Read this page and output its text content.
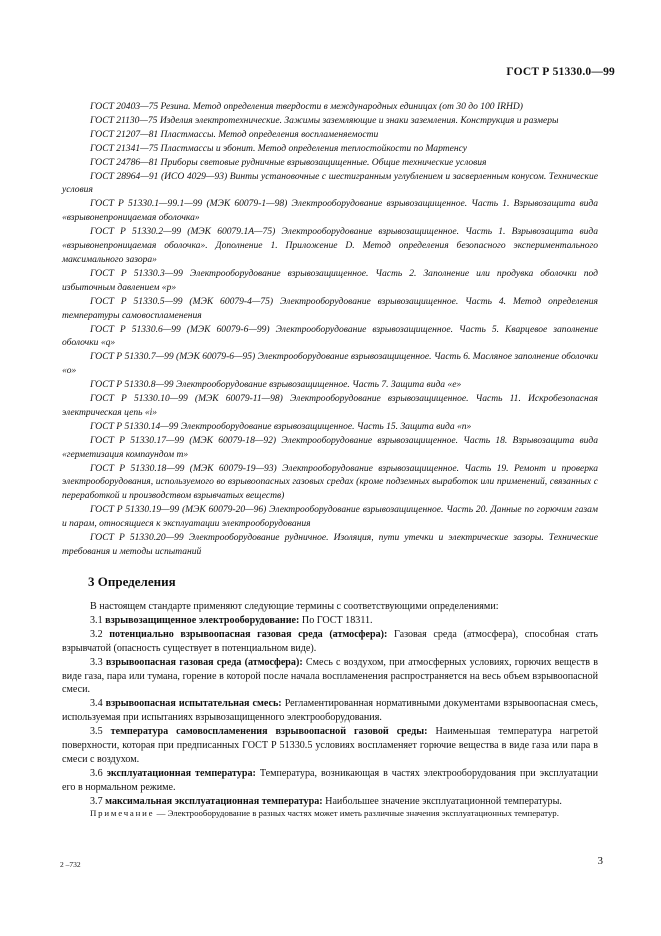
ГОСТ Р 51330.0—99

ГОСТ 20403—75 Резина. Метод определения твердости в международных единицах (от 30 до 100 IRHD)

ГОСТ 21130—75 Изделия электротехнические. Зажимы заземляющие и знаки заземления. Конструкция и размеры

ГОСТ 21207—81 Пластмассы. Метод определения воспламеняемости

ГОСТ 21341—75 Пластмассы и эбонит. Метод определения теплостойкости по Мартенсу

ГОСТ 24786—81 Приборы световые рудничные взрывозащищенные. Общие технические условия

ГОСТ 28964—91 (ИСО 4029—93) Винты установочные с шестигранным углублением и засверленным конусом. Технические условия

ГОСТ Р 51330.1—99.1—99 (МЭК 60079-1—98) Электрооборудование взрывозащищенное. Часть 1. Взрывозащита вида «взрывонепроницаемая оболочка»

ГОСТ Р 51330.2—99 (МЭК 60079.1А—75) Электрооборудование взрывозащищенное. Часть 1. Взрывозащита вида «взрывонепроницаемая оболочка». Дополнение 1. Приложение D. Метод определения безопасного экспериментального максимального зазора»

ГОСТ Р 51330.3—99 Электрооборудование взрывозащищенное. Часть 2. Заполнение или продувка оболочки под избыточным давлением «р»

ГОСТ Р 51330.5—99 (МЭК 60079-4—75) Электрооборудование взрывозащищенное. Часть 4. Метод определения температуры самовоспламенения

ГОСТ Р 51330.6—99 (МЭК 60079-6—99) Электрооборудование взрывозащищенное. Часть 5. Кварцевое заполнение оболочки «q»

ГОСТ Р 51330.7—99 (МЭК 60079-6—95) Электрооборудование взрывозащищенное. Часть 6. Масляное заполнение оболочки «о»

ГОСТ Р 51330.8—99 Электрооборудование взрывозащищенное. Часть 7. Защита вида «е»

ГОСТ Р 51330.10—99 (МЭК 60079-11—98) Электрооборудование взрывозащищенное. Часть 11. Искробезопасная электрическая цепь «i»

ГОСТ Р 51330.14—99 Электрооборудование взрывозащищенное. Часть 15. Защита вида «п»

ГОСТ Р 51330.17—99 (МЭК 60079-18—92) Электрооборудование взрывозащищенное. Часть 18. Взрывозащита вида «герметизация компаундом т»

ГОСТ Р 51330.18—99 (МЭК 60079-19—93) Электрооборудование взрывозащищенное. Часть 19. Ремонт и проверка электрооборудования, используемого во взрывоопасных газовых средах (кроме подземных выработок или применений, связанных с переработкой и производством взрывчатых веществ)

ГОСТ Р 51330.19—99 (МЭК 60079-20—96) Электрооборудование взрывозащищенное. Часть 20. Данные по горючим газам и парам, относящиеся к эксплуатации электрооборудования

ГОСТ Р 51330.20—99 Электрооборудование рудничное. Изоляция, пути утечки и электрические зазоры. Технические требования и методы испытаний

3 Определения

В настоящем стандарте применяют следующие термины с соответствующими определениями:

3.1 взрывозащищенное электрооборудование: По ГОСТ 18311.

3.2 потенциально взрывоопасная газовая среда (атмосфера): Газовая среда (атмосфера), способная стать взрывчатой (опасность существует в потенциальном виде).

3.3 взрывоопасная газовая среда (атмосфера): Смесь с воздухом, при атмосферных условиях, горючих веществ в виде газа, пара или тумана, горение в которой после начала воспламенения распространяется на весь объем взрывоопасной смеси.

3.4 взрывоопасная испытательная смесь: Регламентированная нормативными документами взрывоопасная смесь, используемая при испытаниях взрывозащищенного электрооборудования.

3.5 температура самовоспламенения взрывоопасной газовой среды: Наименьшая температура нагретой поверхности, которая при предписанных ГОСТ Р 51330.5 условиях воспламеняет горючие вещества в виде газа или пара в смеси с воздухом.

3.6 эксплуатационная температура: Температура, возникающая в частях электрооборудования при эксплуатации его в нормальном режиме.

3.7 максимальная эксплуатационная температура: Наибольшее значение эксплуатационной температуры.

Примечание — Электрооборудование в разных частях может иметь различные значения эксплуатационных температур.

2 –732	3
